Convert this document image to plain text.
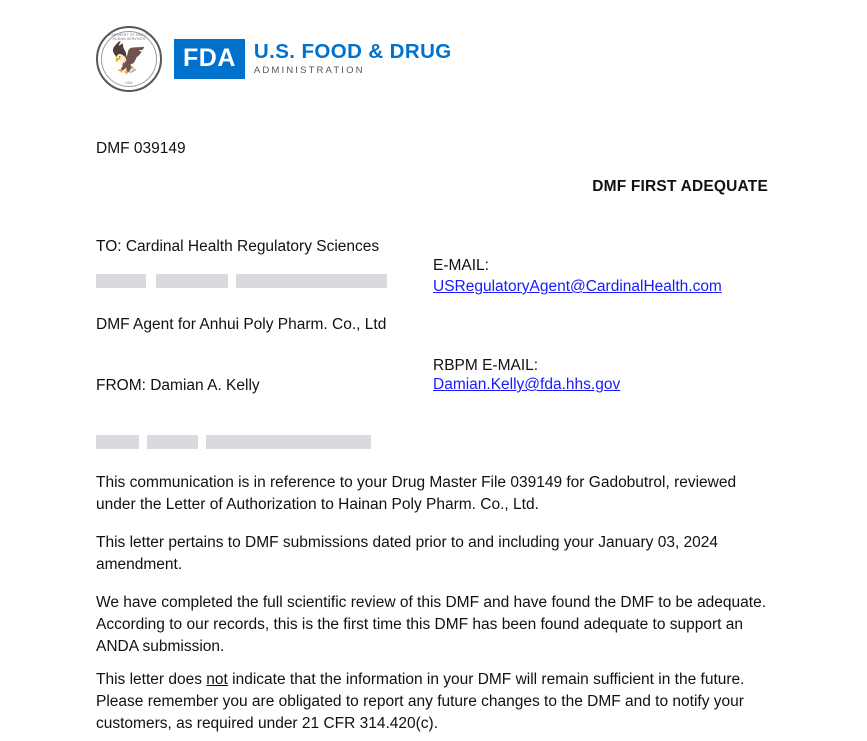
DEPARTMENT OF HEALTH & HUMAN SERVICES
🦅
USA
FDA U.S. FOOD & DRUG
ADMINISTRATION
DMF 039149
DMF FIRST ADEQUATE
TO: Cardinal Health Regulatory Sciences
DMF Agent for Anhui Poly Pharm. Co., Ltd
FROM: Damian A. Kelly
E-MAIL:
USRegulatoryAgent@CardinalHealth.com
RBPM E-MAIL:
Damian.Kelly@fda.hhs.gov
This communication is in reference to your Drug Master File 039149 for Gadobutrol, reviewed under the Letter of Authorization to Hainan Poly Pharm. Co., Ltd.
This letter pertains to DMF submissions dated prior to and including your January 03, 2024 amendment.
We have completed the full scientific review of this DMF and have found the DMF to be adequate. According to our records, this is the first time this DMF has been found adequate to support an ANDA submission.
This letter does not indicate that the information in your DMF will remain sufficient in the future. Please remember you are obligated to report any future changes to the DMF and to notify your customers, as required under 21 CFR 314.420(c).
